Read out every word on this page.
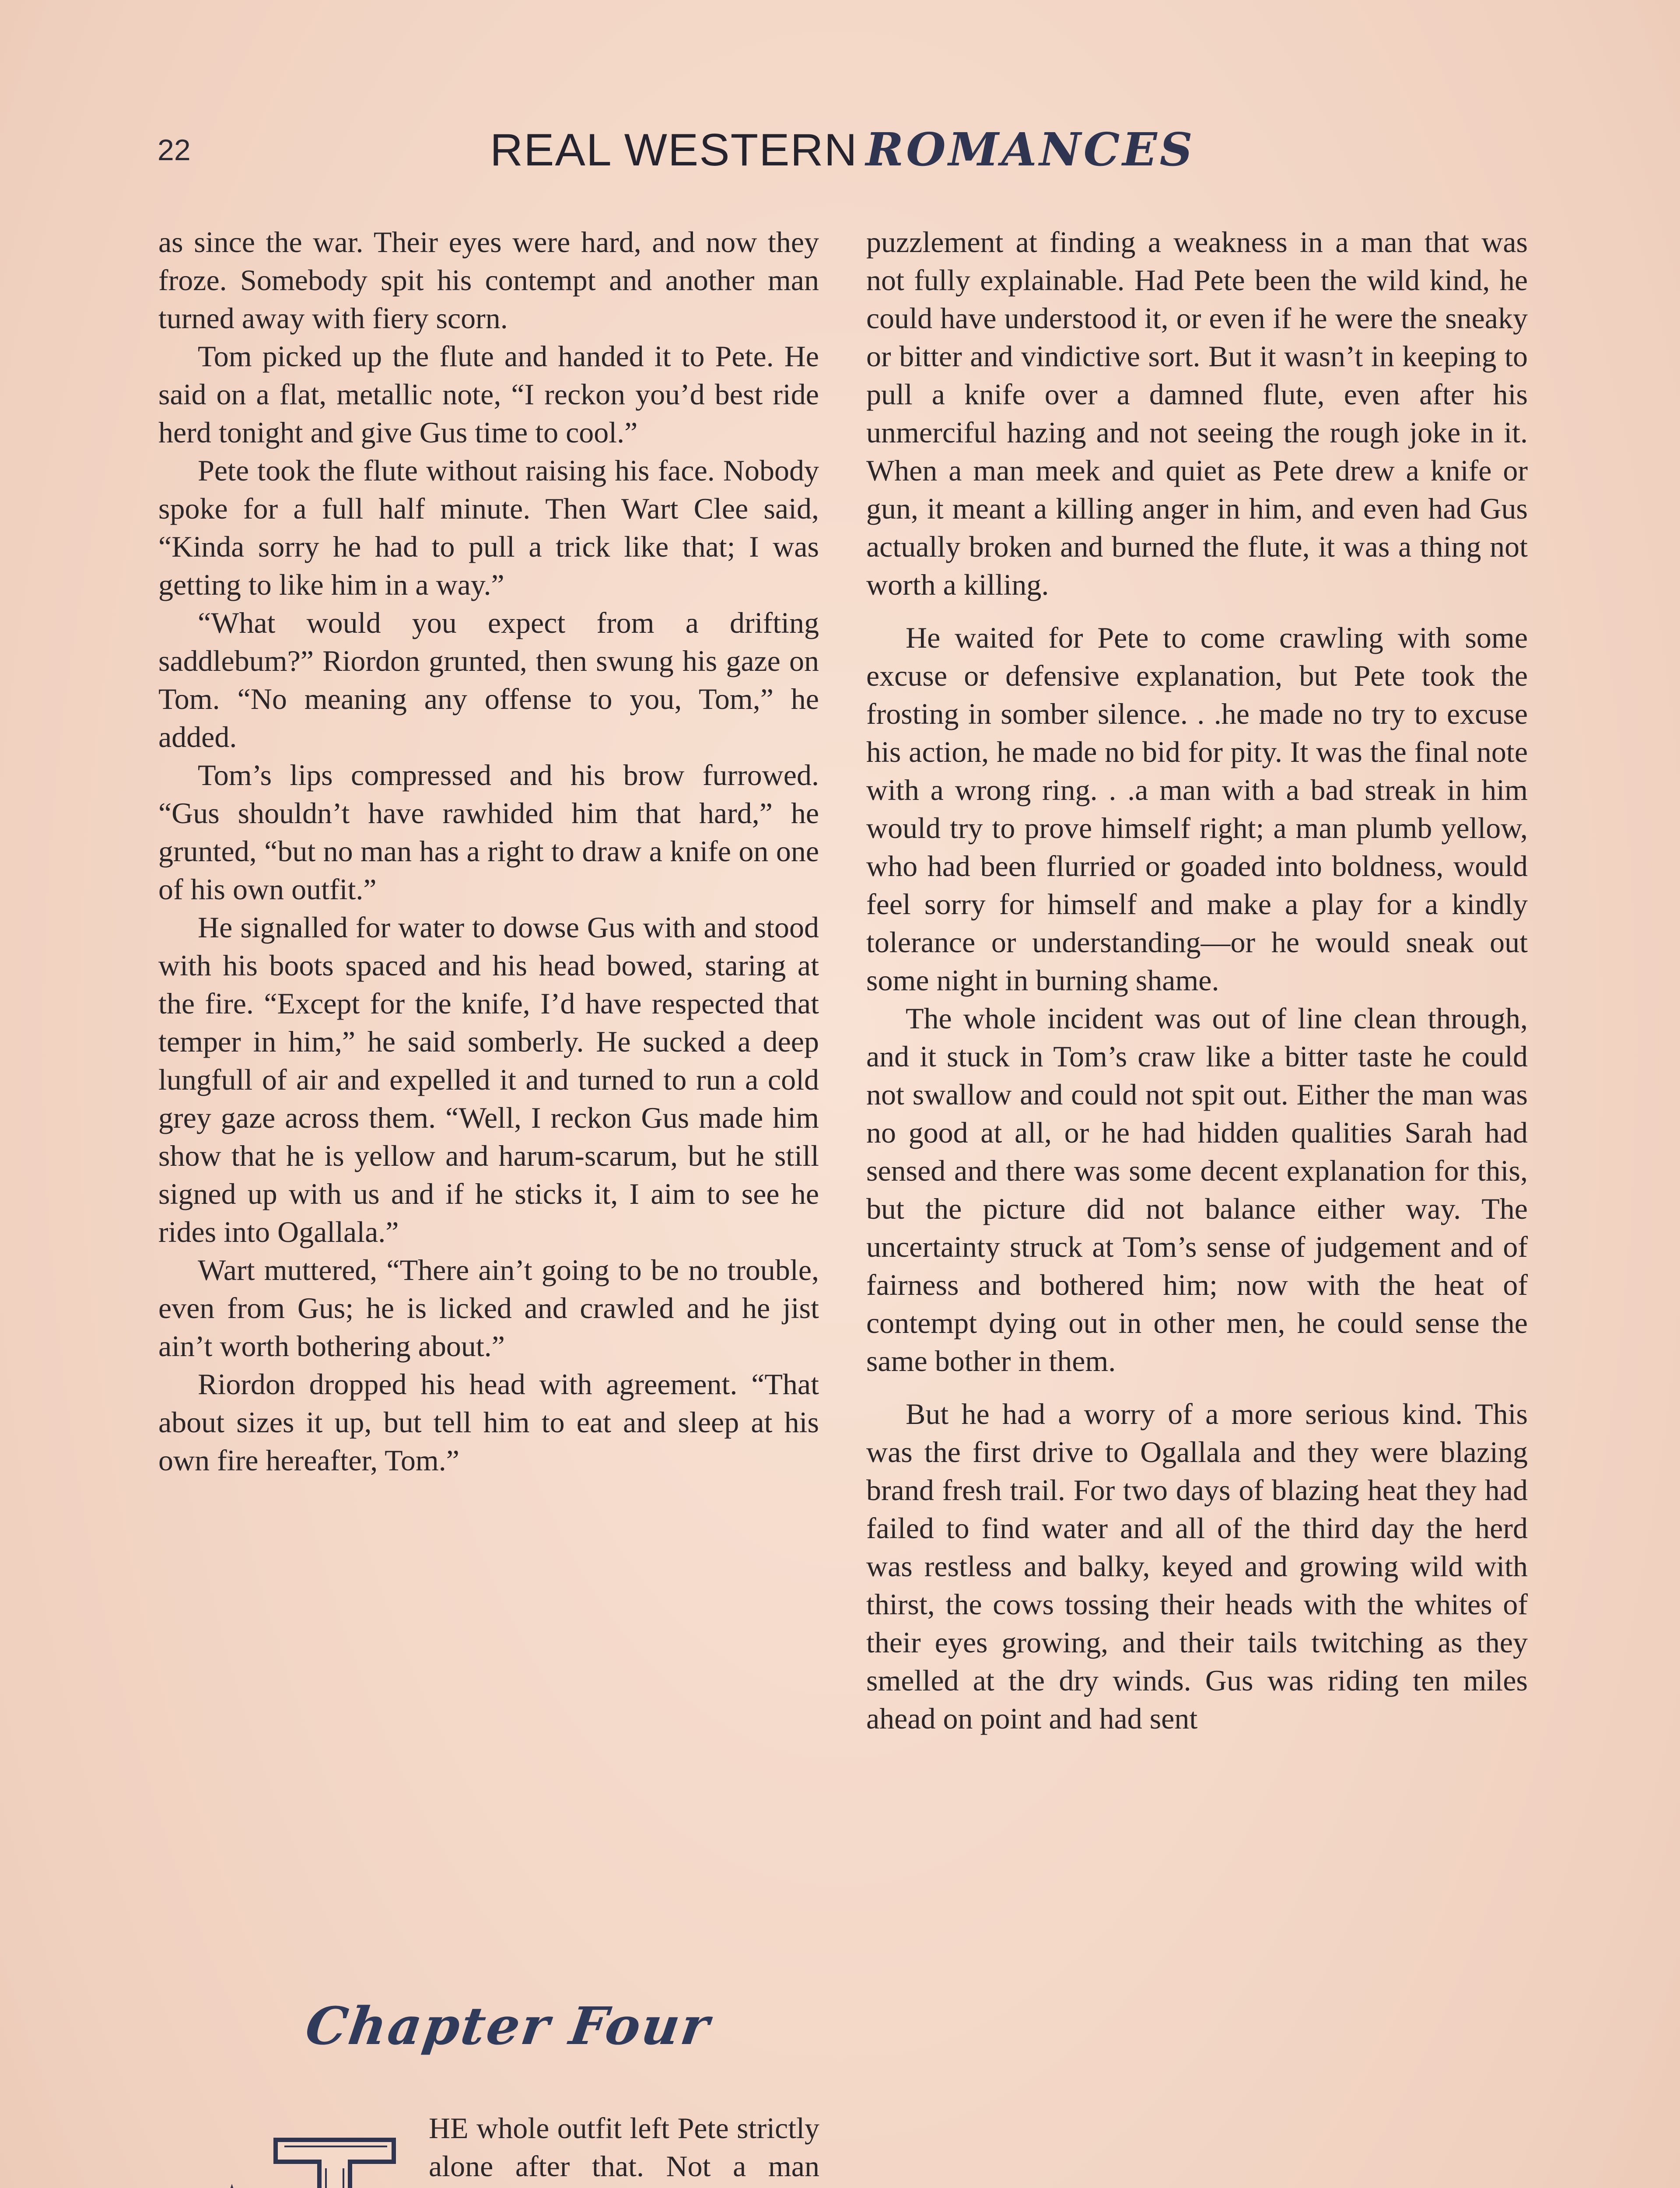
22	REAL WESTERN ROMANCES

as since the war. Their eyes were hard, and now they froze. Somebody spit his contempt and another man turned away with fiery scorn.

Tom picked up the flute and handed it to Pete. He said on a flat, metallic note, “I reckon you’d best ride herd tonight and give Gus time to cool.”

Pete took the flute without raising his face. Nobody spoke for a full half minute. Then Wart Clee said, “Kinda sorry he had to pull a trick like that; I was getting to like him in a way.”

“What would you expect from a drifting saddlebum?” Riordon grunted, then swung his gaze on Tom. “No meaning any offense to you, Tom,” he added.

Tom’s lips compressed and his brow furrowed. “Gus shouldn’t have rawhided him that hard,” he grunted, “but no man has a right to draw a knife on one of his own outfit.”

He signalled for water to dowse Gus with and stood with his boots spaced and his head bowed, staring at the fire. “Except for the knife, I’d have respected that temper in him,” he said somberly. He sucked a deep lungfull of air and expelled it and turned to run a cold grey gaze across them. “Well, I reckon Gus made him show that he is yellow and harum-scarum, but he still signed up with us and if he sticks it, I aim to see he rides into Ogallala.”

Wart muttered, “There ain’t going to be no trouble, even from Gus; he is licked and crawled and he jist ain’t worth bothering about.”

Riordon dropped his head with agreement. “That about sizes it up, but tell him to eat and sleep at his own fire hereafter, Tom.”

Chapter Four
HE whole outfit left Pete strictly alone after that. Not a man

puzzlement at finding a weakness in a man that was not fully explainable. Had Pete been the wild kind, he could have understood it, or even if he were the sneaky or bitter and vindictive sort. But it wasn’t in keeping to pull a knife over a damned flute, even after his unmerciful hazing and not seeing the rough joke in it. When a man meek and quiet as Pete drew a knife or gun, it meant a killing anger in him, and even had Gus actually broken and burned the flute, it was a thing not worth a killing.

He waited for Pete to come crawling with some excuse or defensive explanation, but Pete took the frosting in somber silence. . .he made no try to excuse his action, he made no bid for pity. It was the final note with a wrong ring. . .a man with a bad streak in him would try to prove himself right; a man plumb yellow, who had been flurried or goaded into boldness, would feel sorry for himself and make a play for a kindly tolerance or understanding—or he would sneak out some night in burning shame.

The whole incident was out of line clean through, and it stuck in Tom’s craw like a bitter taste he could not swallow and could not spit out. Either the man was no good at all, or he had hidden qualities Sarah had sensed and there was some decent explanation for this, but the picture did not balance either way. The uncertainty struck at Tom’s sense of judgement and of fairness and bothered him; now with the heat of contempt dying out in other men, he could sense the same bother in them.

But he had a worry of a more serious kind. This was the first drive to Ogallala and they were blazing brand fresh trail. For two days of blazing heat they had failed to find water and all of the third day the herd was restless and balky, keyed and growing wild with thirst, the cows tossing their heads with the whites of their eyes growing, and their tails twitching as they smelled at the dry winds. Gus was riding ten miles ahead on point and had sent
